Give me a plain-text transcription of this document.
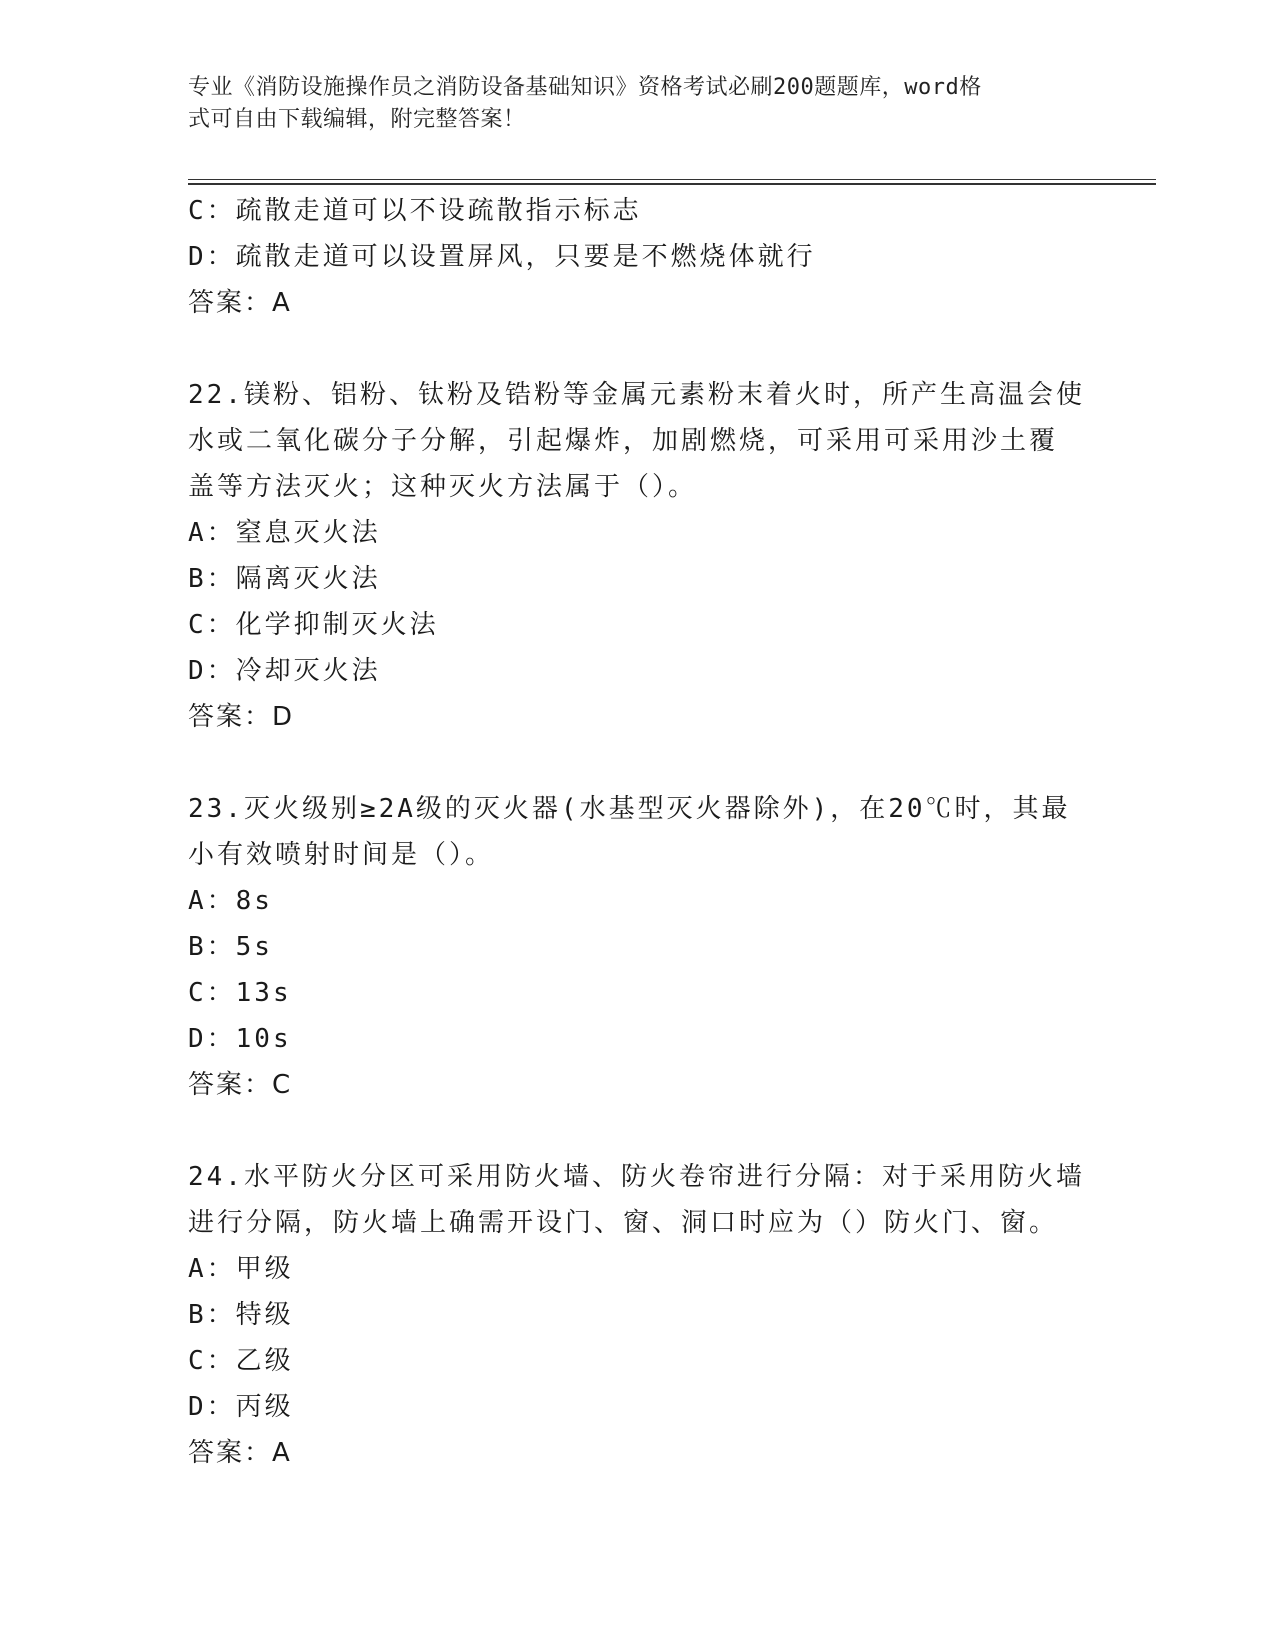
专业《消防设施操作员之消防设备基础知识》资格考试必刷200题题库，word格
式可自由下载编辑，附完整答案！
C：疏散走道可以不设疏散指示标志
D：疏散走道可以设置屏风，只要是不燃烧体就行
答案：A
22.镁粉、铝粉、钛粉及锆粉等金属元素粉末着火时，所产生高温会使
水或二氧化碳分子分解，引起爆炸，加剧燃烧，可采用可采用沙土覆
盖等方法灭火；这种灭火方法属于（）。
A：窒息灭火法
B：隔离灭火法
C：化学抑制灭火法
D：冷却灭火法
答案：D
23.灭火级别≥2A级的灭火器(水基型灭火器除外)，在20℃时，其最
小有效喷射时间是（）。
A：8s
B：5s
C：13s
D：10s
答案：C
24.水平防火分区可采用防火墙、防火卷帘进行分隔：对于采用防火墙
进行分隔，防火墙上确需开设门、窗、洞口时应为（）防火门、窗。
A：甲级
B：特级
C：乙级
D：丙级
答案：A
